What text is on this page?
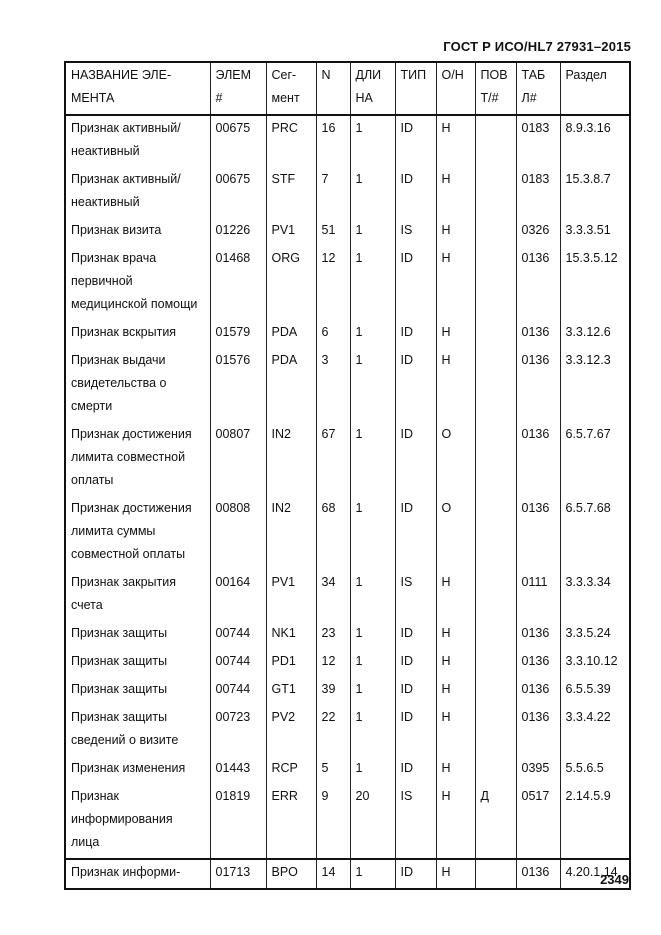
ГОСТ Р ИСО/HL7 27931–2015
НАЗВАНИЕ ЭЛЕ-МЕНТА	ЭЛЕМ #	Сег-мент	N	ДЛИ НА	ТИП	О/Н	ПОВ Т/#	ТАБ Л#	Раздел
Признак активный/неактивный	00675	PRC	16	1	ID	Н		0183	8.9.3.16
Признак активный/неактивный	00675	STF	7	1	ID	Н		0183	15.3.8.7
Признак визита	01226	PV1	51	1	IS	Н		0326	3.3.3.51
Признак врача первичной медицинской помощи	01468	ORG	12	1	ID	Н		0136	15.3.5.12
Признак вскрытия	01579	PDA	6	1	ID	Н		0136	3.3.12.6
Признак выдачи свидетельства о смерти	01576	PDA	3	1	ID	Н		0136	3.3.12.3
Признак достижения лимита совместной оплаты	00807	IN2	67	1	ID	О		0136	6.5.7.67
Признак достижения лимита суммы совместной оплаты	00808	IN2	68	1	ID	О		0136	6.5.7.68
Признак закрытия счета	00164	PV1	34	1	IS	Н		0111	3.3.3.34
Признак защиты	00744	NK1	23	1	ID	Н		0136	3.3.5.24
Признак защиты	00744	PD1	12	1	ID	Н		0136	3.3.10.12
Признак защиты	00744	GT1	39	1	ID	Н		0136	6.5.5.39
Признак защиты сведений о визите	00723	PV2	22	1	ID	Н		0136	3.3.4.22
Признак изменения	01443	RCP	5	1	ID	Н		0395	5.5.6.5
Признак информирования лица	01819	ERR	9	20	IS	Н	Д	0517	2.14.5.9
Признак информи-	01713	BPO	14	1	ID	Н		0136	4.20.1.14
2349
